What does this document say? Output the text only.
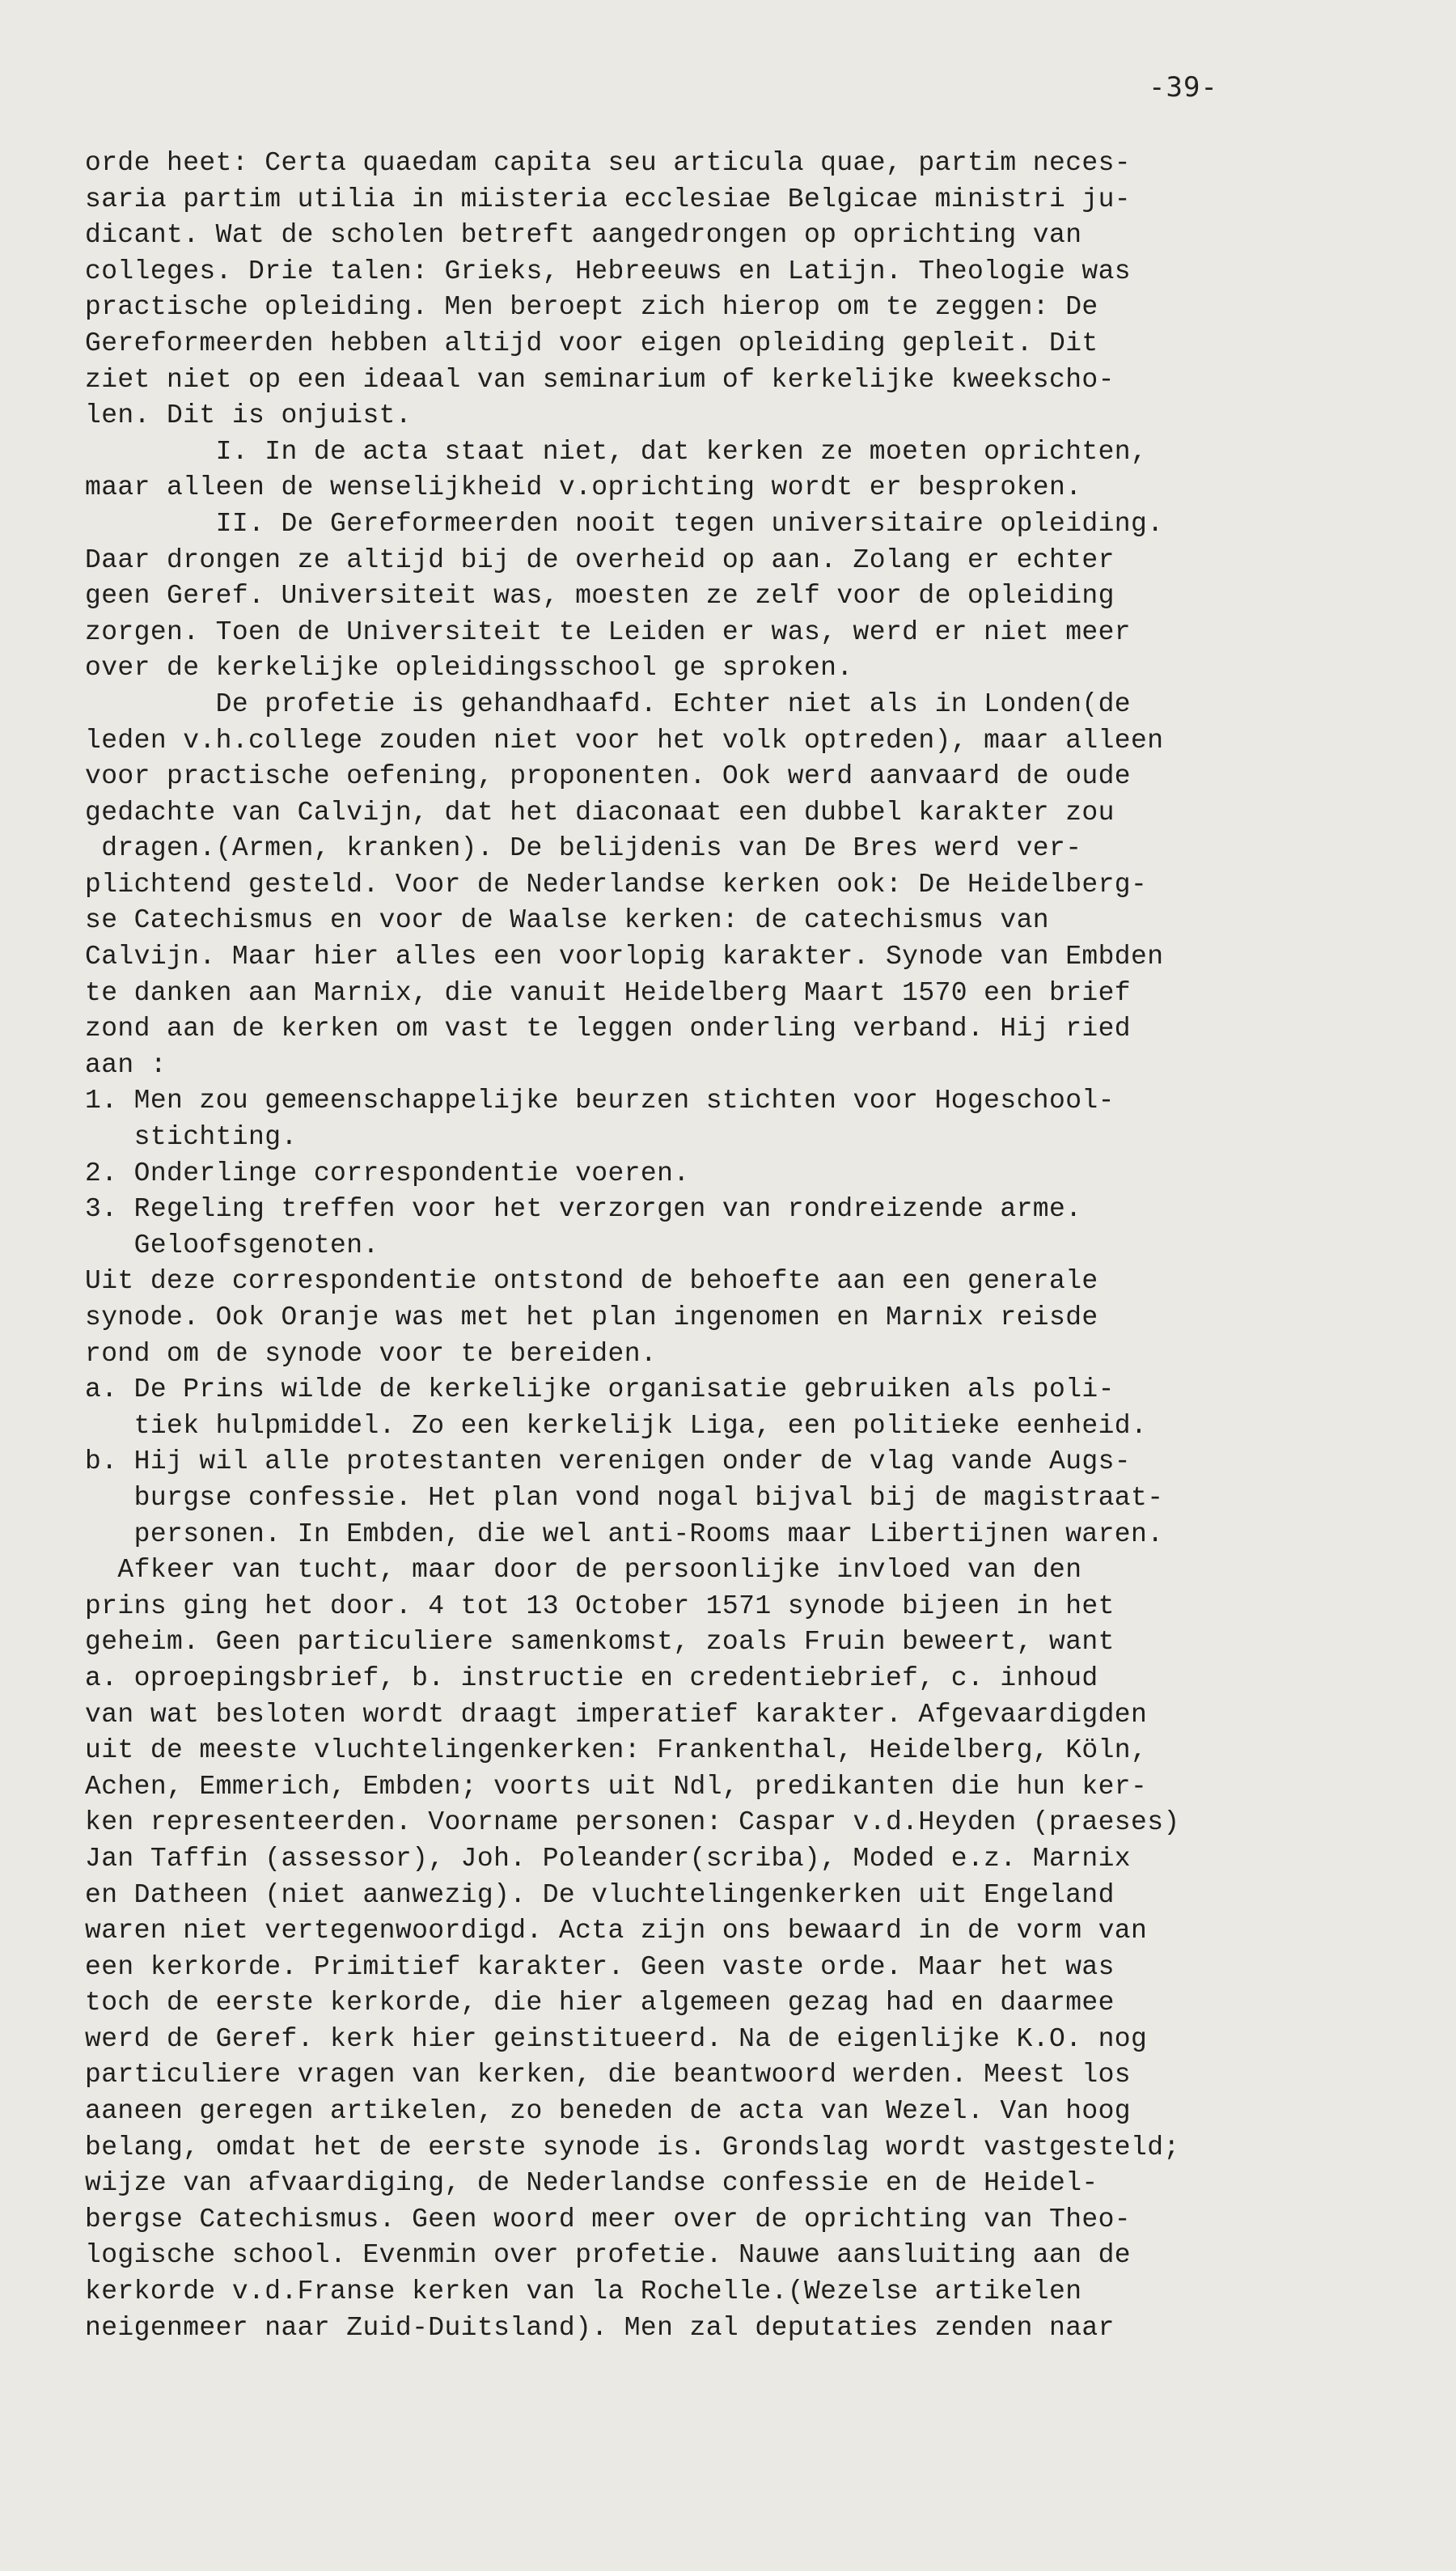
-39-
orde heet: Certa quaedam capita seu articula quae, partim neces-
saria partim utilia in miisteria ecclesiae Belgicae ministri ju-
dicant. Wat de scholen betreft aangedrongen op oprichting van
colleges. Drie talen: Grieks, Hebreeuws en Latijn. Theologie was
practische opleiding. Men beroept zich hierop om te zeggen: De
Gereformeerden hebben altijd voor eigen opleiding gepleit. Dit
ziet niet op een ideaal van seminarium of kerkelijke kweekscho-
len. Dit is onjuist.
I. In de acta staat niet, dat kerken ze moeten oprichten,
maar alleen de wenselijkheid v.oprichting wordt er besproken.
II. De Gereformeerden nooit tegen universitaire opleiding.
Daar drongen ze altijd bij de overheid op aan. Zolang er echter
geen Geref. Universiteit was, moesten ze zelf voor de opleiding
zorgen. Toen de Universiteit te Leiden er was, werd er niet meer
over de kerkelijke opleidingsschool ge sproken.
De profetie is gehandhaafd. Echter niet als in Londen(de
leden v.h.college zouden niet voor het volk optreden), maar alleen
voor practische oefening, proponenten. Ook werd aanvaard de oude
gedachte van Calvijn, dat het diaconaat een dubbel karakter zou
dragen.(Armen, kranken). De belijdenis van De Bres werd ver-
plichtend gesteld. Voor de Nederlandse kerken ook: De Heidelberg-
se Catechismus en voor de Waalse kerken: de catechismus van
Calvijn. Maar hier alles een voorlopig karakter. Synode van Embden
te danken aan Marnix, die vanuit Heidelberg Maart 1570 een brief
zond aan de kerken om vast te leggen onderling verband. Hij ried
aan :
1. Men zou gemeenschappelijke beurzen stichten voor Hogeschool-
stichting.
2. Onderlinge correspondentie voeren.
3. Regeling treffen voor het verzorgen van rondreizende arme.
Geloofsgenoten.
Uit deze correspondentie ontstond de behoefte aan een generale
synode. Ook Oranje was met het plan ingenomen en Marnix reisde
rond om de synode voor te bereiden.
a. De Prins wilde de kerkelijke organisatie gebruiken als poli-
tiek hulpmiddel. Zo een kerkelijk Liga, een politieke eenheid.
b. Hij wil alle protestanten verenigen onder de vlag vande Augs-
burgse confessie. Het plan vond nogal bijval bij de magistraat-
personen. In Embden, die wel anti-Rooms maar Libertijnen waren.
Afkeer van tucht, maar door de persoonlijke invloed van den
prins ging het door. 4 tot 13 October 1571 synode bijeen in het
geheim. Geen particuliere samenkomst, zoals Fruin beweert, want
a. oproepingsbrief, b. instructie en credentiebrief, c. inhoud
van wat besloten wordt draagt imperatief karakter. Afgevaardigden
uit de meeste vluchtelingenkerken: Frankenthal, Heidelberg, Köln,
Achen, Emmerich, Embden; voorts uit Ndl, predikanten die hun ker-
ken representeerden. Voorname personen: Caspar v.d.Heyden (praeses)
Jan Taffin (assessor), Joh. Poleander(scriba), Moded e.z. Marnix
en Datheen (niet aanwezig). De vluchtelingenkerken uit Engeland
waren niet vertegenwoordigd. Acta zijn ons bewaard in de vorm van
een kerkorde. Primitief karakter. Geen vaste orde. Maar het was
toch de eerste kerkorde, die hier algemeen gezag had en daarmee
werd de Geref. kerk hier geinstitueerd. Na de eigenlijke K.O. nog
particuliere vragen van kerken, die beantwoord werden. Meest los
aaneen geregen artikelen, zo beneden de acta van Wezel. Van hoog
belang, omdat het de eerste synode is. Grondslag wordt vastgesteld;
wijze van afvaardiging, de Nederlandse confessie en de Heidel-
bergse Catechismus. Geen woord meer over de oprichting van Theo-
logische school. Evenmin over profetie. Nauwe aansluiting aan de
kerkorde v.d.Franse kerken van la Rochelle.(Wezelse artikelen
neigenmeer naar Zuid-Duitsland). Men zal deputaties zenden naar
